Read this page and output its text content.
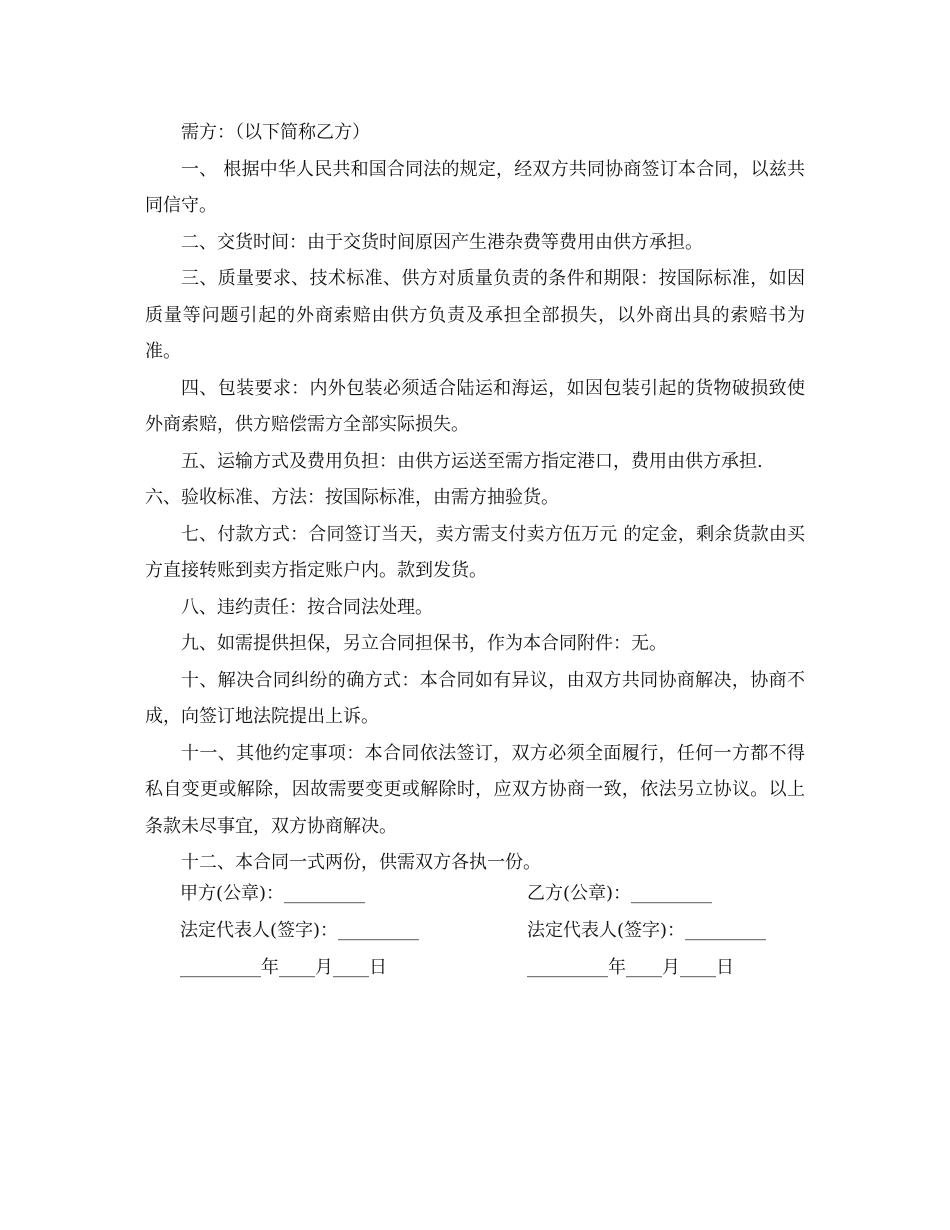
需方：（以下简称乙方）

一、 根据中华人民共和国合同法的规定，经双方共同协商签订本合同，以兹共同信守。

二、交货时间：由于交货时间原因产生港杂费等费用由供方承担。

三、质量要求、技术标准、供方对质量负责的条件和期限：按国际标准，如因质量等问题引起的外商索赔由供方负责及承担全部损失，以外商出具的索赔书为准。

四、包装要求：内外包装必须适合陆运和海运，如因包装引起的货物破损致使外商索赔，供方赔偿需方全部实际损失。

五、运输方式及费用负担：由供方运送至需方指定港口，费用由供方承担.

六、验收标准、方法：按国际标准，由需方抽验货。

七、付款方式：合同签订当天，卖方需支付卖方伍万元 的定金，剩余货款由买方直接转账到卖方指定账户内。款到发货。

八、违约责任：按合同法处理。

九、如需提供担保，另立合同担保书，作为本合同附件：无。

十、解决合同纠纷的确方式：本合同如有异议，由双方共同协商解决，协商不成，向签订地法院提出上诉。

十一、其他约定事项：本合同依法签订，双方必须全面履行，任何一方都不得私自变更或解除，因故需要变更或解除时，应双方协商一致，依法另立协议。以上条款未尽事宜，双方协商解决。

十二、本合同一式两份，供需双方各执一份。

甲方(公章)：_________	乙方(公章)：_________
法定代表人(签字)：_________	法定代表人(签字)：_________
_________年____月____日	_________年____月____日
